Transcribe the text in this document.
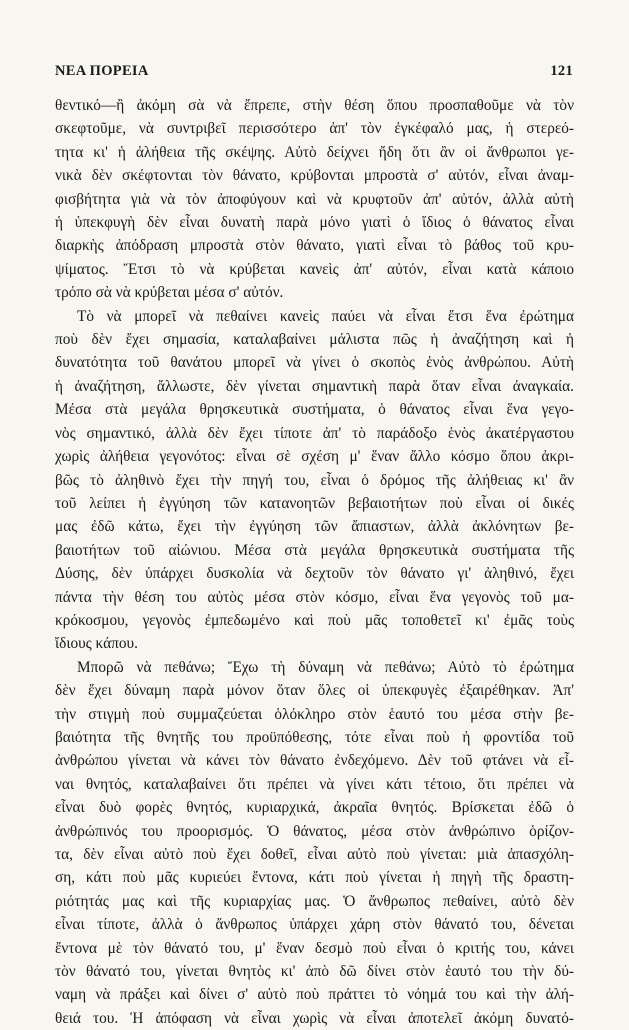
ΝΕΑ ΠΟΡΕΙΑ	121
θεντικό—ἢ ἀκόμη σὰ νὰ ἔπρεπε, στὴν θέση ὅπου προσπαθοῦμε νὰ τὸν
σκεφτοῦμε, νὰ συντριβεῖ περισσότερο ἀπ' τὸν ἐγκέφαλό μας, ἡ στερεό-
τητα κι' ἡ ἀλήθεια τῆς σκέψης. Αὐτὸ δείχνει ἤδη ὅτι ἂν οἱ ἄνθρωποι γε-
νικὰ δὲν σκέφτονται τὸν θάνατο, κρύβονται μπροστὰ σ' αὐτόν, εἶναι ἀναμ-
φισβήτητα γιὰ νὰ τὸν ἀποφύγουν καὶ νὰ κρυφτοῦν ἀπ' αὐτόν, ἀλλὰ αὐτὴ
ἡ ὑπεκφυγὴ δὲν εἶναι δυνατὴ παρὰ μόνο γιατὶ ὁ ἴδιος ὁ θάνατος εἶναι
διαρκὴς ἀπόδραση μπροστὰ στὸν θάνατο, γιατὶ εἶναι τὸ βάθος τοῦ κρυ-
ψίματος. Ἔτσι τὸ νὰ κρύβεται κανεὶς ἀπ' αὐτόν, εἶναι κατὰ κάποιο
τρόπο σὰ νὰ κρύβεται μέσα σ' αὐτόν.
Τὸ νὰ μπορεῖ νὰ πεθαίνει κανεὶς παύει νὰ εἶναι ἔτσι ἕνα ἐρώτημα
ποὺ δὲν ἔχει σημασία, καταλαβαίνει μάλιστα πῶς ἡ ἀναζήτηση καὶ ἡ
δυνατότητα τοῦ θανάτου μπορεῖ νὰ γίνει ὁ σκοπὸς ἑνὸς ἀνθρώπου. Αὐτὴ
ἡ ἀναζήτηση, ἄλλωστε, δὲν γίνεται σημαντικὴ παρὰ ὅταν εἶναι ἀναγκαία.
Μέσα στὰ μεγάλα θρησκευτικὰ συστήματα, ὁ θάνατος εἶναι ἕνα γεγο-
νὸς σημαντικό, ἀλλὰ δὲν ἔχει τίποτε ἀπ' τὸ παράδοξο ἑνὸς ἀκατέργαστου
χωρὶς ἀλήθεια γεγονότος: εἶναι σὲ σχέση μ' ἕναν ἄλλο κόσμο ὅπου ἀκρι-
βῶς τὸ ἀληθινὸ ἔχει τὴν πηγή του, εἶναι ὁ δρόμος τῆς ἀλήθειας κι' ἂν
τοῦ λείπει ἡ ἐγγύηση τῶν κατανοητῶν βεβαιοτήτων ποὺ εἶναι οἱ δικές
μας ἐδῶ κάτω, ἔχει τὴν ἐγγύηση τῶν ἄπιαστων, ἀλλὰ ἀκλόνητων βε-
βαιοτήτων τοῦ αἰώνιου. Μέσα στὰ μεγάλα θρησκευτικὰ συστήματα τῆς
Δύσης, δὲν ὑπάρχει δυσκολία νὰ δεχτοῦν τὸν θάνατο γι' ἀληθινό, ἔχει
πάντα τὴν θέση του αὐτὸς μέσα στὸν κόσμο, εἶναι ἕνα γεγονὸς τοῦ μα-
κρόκοσμου, γεγονὸς ἐμπεδωμένο καὶ ποὺ μᾶς τοποθετεῖ κι' ἐμᾶς τοὺς
ἴδιους κάπου.
Μπορῶ νὰ πεθάνω; Ἔχω τὴ δύναμη νὰ πεθάνω; Αὐτὸ τὸ ἐρώτημα
δὲν ἔχει δύναμη παρὰ μόνον ὅταν ὅλες οἱ ὑπεκφυγὲς ἐξαιρέθηκαν. Ἀπ'
τὴν στιγμὴ ποὺ συμμαζεύεται ὁλόκληρο στὸν ἑαυτό του μέσα στὴν βε-
βαιότητα τῆς θνητῆς του προϋπόθεσης, τότε εἶναι ποὺ ἡ φροντίδα τοῦ
ἀνθρώπου γίνεται νὰ κάνει τὸν θάνατο ἐνδεχόμενο. Δὲν τοῦ φτάνει νὰ εἶ-
ναι θνητός, καταλαβαίνει ὅτι πρέπει νὰ γίνει κάτι τέτοιο, ὅτι πρέπει νὰ
εἶναι δυὸ φορὲς θνητός, κυριαρχικά, ἀκραῖα θνητός. Βρίσκεται ἐδῶ ὁ
ἀνθρώπινός του προορισμός. Ὁ θάνατος, μέσα στὸν ἀνθρώπινο ὁρίζον-
τα, δὲν εἶναι αὐτὸ ποὺ ἔχει δοθεῖ, εἶναι αὐτὸ ποὺ γίνεται: μιὰ ἀπασχόλη-
ση, κάτι ποὺ μᾶς κυριεύει ἔντονα, κάτι ποὺ γίνεται ἡ πηγὴ τῆς δραστη-
ριότητάς μας καὶ τῆς κυριαρχίας μας. Ὁ ἄνθρωπος πεθαίνει, αὐτὸ δὲν
εἶναι τίποτε, ἀλλὰ ὁ ἄνθρωπος ὑπάρχει χάρη στὸν θάνατό του, δένεται
ἔντονα μὲ τὸν θάνατό του, μ' ἕναν δεσμὸ ποὺ εἶναι ὁ κριτής του, κάνει
τὸν θάνατό του, γίνεται θνητὸς κι' ἀπὸ δῶ δίνει στὸν ἑαυτό του τὴν δύ-
ναμη νὰ πράξει καὶ δίνει σ' αὐτὸ ποὺ πράττει τὸ νόημά του καὶ τὴν ἀλή-
θειά του. Ἡ ἀπόφαση νὰ εἶναι χωρὶς νὰ εἶναι ἀποτελεῖ ἀκόμη δυνατό-
